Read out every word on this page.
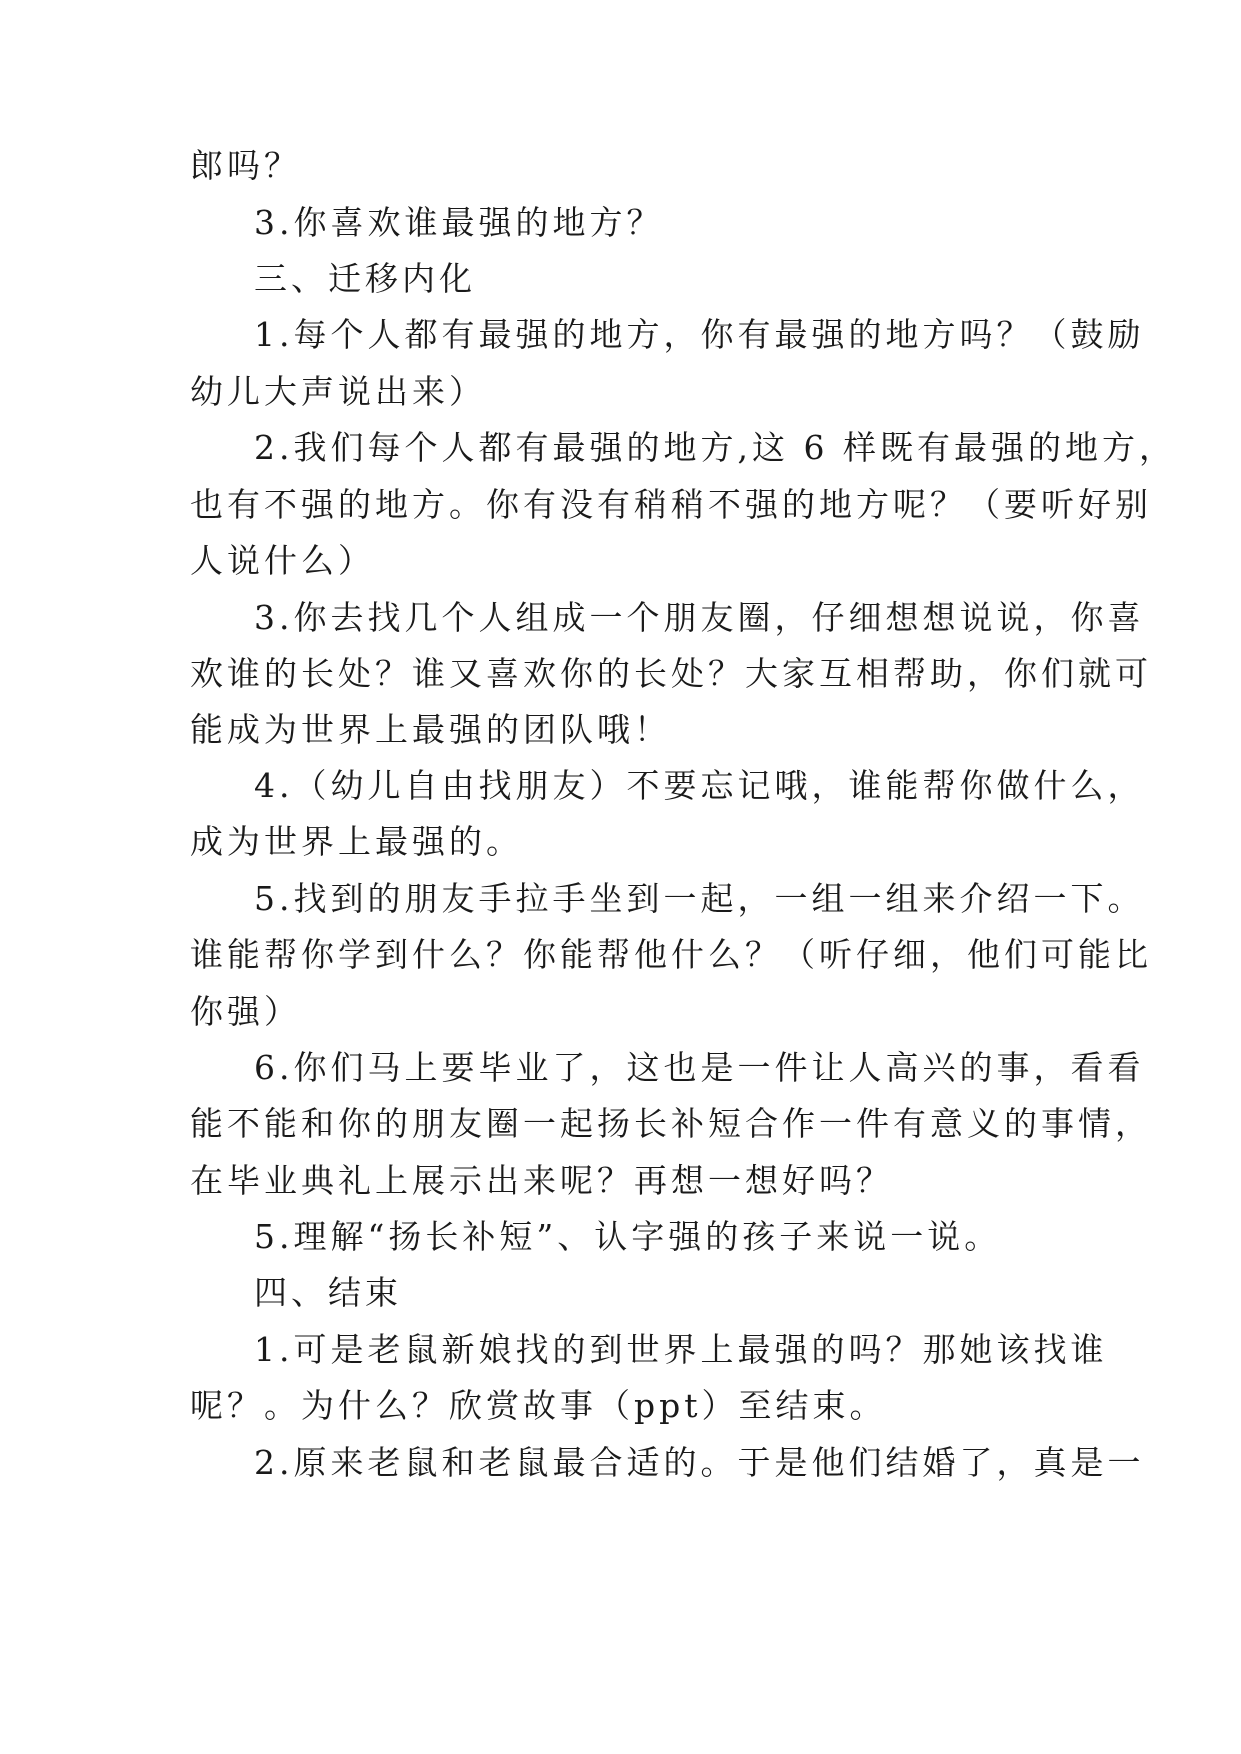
郎吗？
3.你喜欢谁最强的地方？
三、迁移内化
1.每个人都有最强的地方，你有最强的地方吗？（鼓励
幼儿大声说出来）
2.我们每个人都有最强的地方,这 6 样既有最强的地方，
也有不强的地方。你有没有稍稍不强的地方呢？（要听好别
人说什么）
3.你去找几个人组成一个朋友圈，仔细想想说说，你喜
欢谁的长处？谁又喜欢你的长处？大家互相帮助，你们就可
能成为世界上最强的团队哦！
4.（幼儿自由找朋友）不要忘记哦，谁能帮你做什么，
成为世界上最强的。
5.找到的朋友手拉手坐到一起，一组一组来介绍一下。
谁能帮你学到什么？你能帮他什么？（听仔细，他们可能比
你强）
6.你们马上要毕业了，这也是一件让人高兴的事，看看
能不能和你的朋友圈一起扬长补短合作一件有意义的事情，
在毕业典礼上展示出来呢？再想一想好吗？
5.理解“扬长补短”、认字强的孩子来说一说。
四、结束
1.可是老鼠新娘找的到世界上最强的吗？那她该找谁
呢？。为什么？欣赏故事（ppt）至结束。
2.原来老鼠和老鼠最合适的。于是他们结婚了，真是一
